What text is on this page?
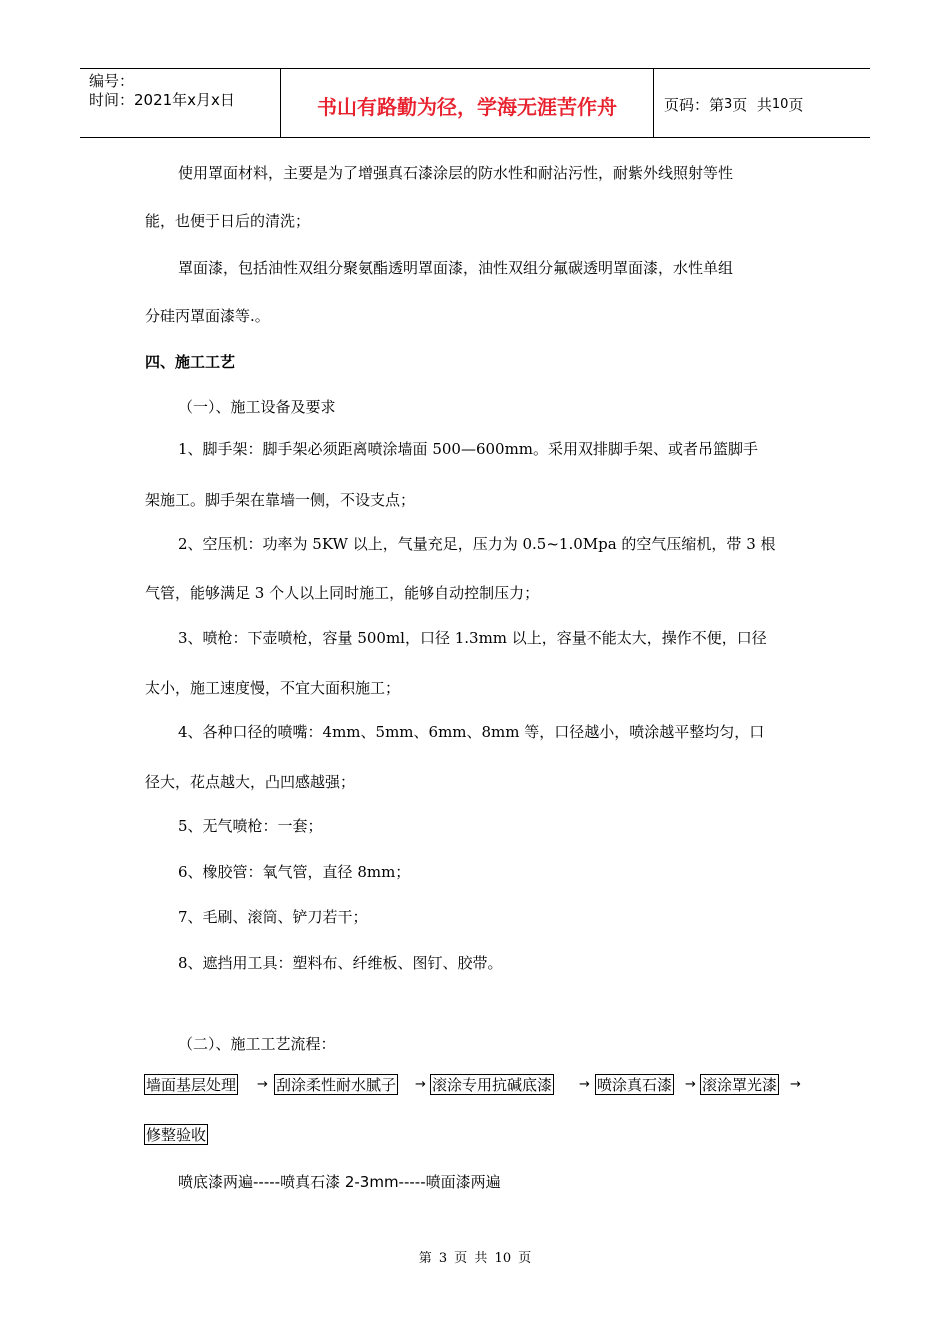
编号：
时间：2021年x月x日	书山有路勤为径，学海无涯苦作舟	页码：第 3 页  共 10 页
使用罩面材料，主要是为了增强真石漆涂层的防水性和耐沾污性，耐紫外线照射等性
能，也便于日后的清洗；
罩面漆，包括油性双组分聚氨酯透明罩面漆，油性双组分氟碳透明罩面漆，水性单组
分硅丙罩面漆等.。
四、施工工艺
（一）、施工设备及要求
1、脚手架：脚手架必须距离喷涂墙面 500—600mm。采用双排脚手架、或者吊篮脚手
架施工。脚手架在靠墙一侧，不设支点；
2、空压机：功率为 5KW 以上，气量充足，压力为 0.5~1.0Mpa 的空气压缩机，带 3 根
气管，能够满足 3 个人以上同时施工，能够自动控制压力；
3、喷枪：下壶喷枪，容量 500ml，口径 1.3mm 以上，容量不能太大，操作不便，口径
太小，施工速度慢，不宜大面积施工；
4、各种口径的喷嘴：4mm、5mm、6mm、8mm 等，口径越小，喷涂越平整均匀，口
径大，花点越大，凸凹感越强；
5、无气喷枪：一套；
6、橡胶管：氧气管，直径 8mm；
7、毛刷、滚筒、铲刀若干；
8、遮挡用工具：塑料布、纤维板、图钉、胶带。
（二）、施工工艺流程：
墙面基层处理 → 刮涂柔性耐水腻子 → 滚涂专用抗碱底漆 → 喷涂真石漆 → 滚涂罩光漆 →
修整验收
喷底漆两遍-----喷真石漆 2-3mm-----喷面漆两遍
第 3 页 共 10 页
